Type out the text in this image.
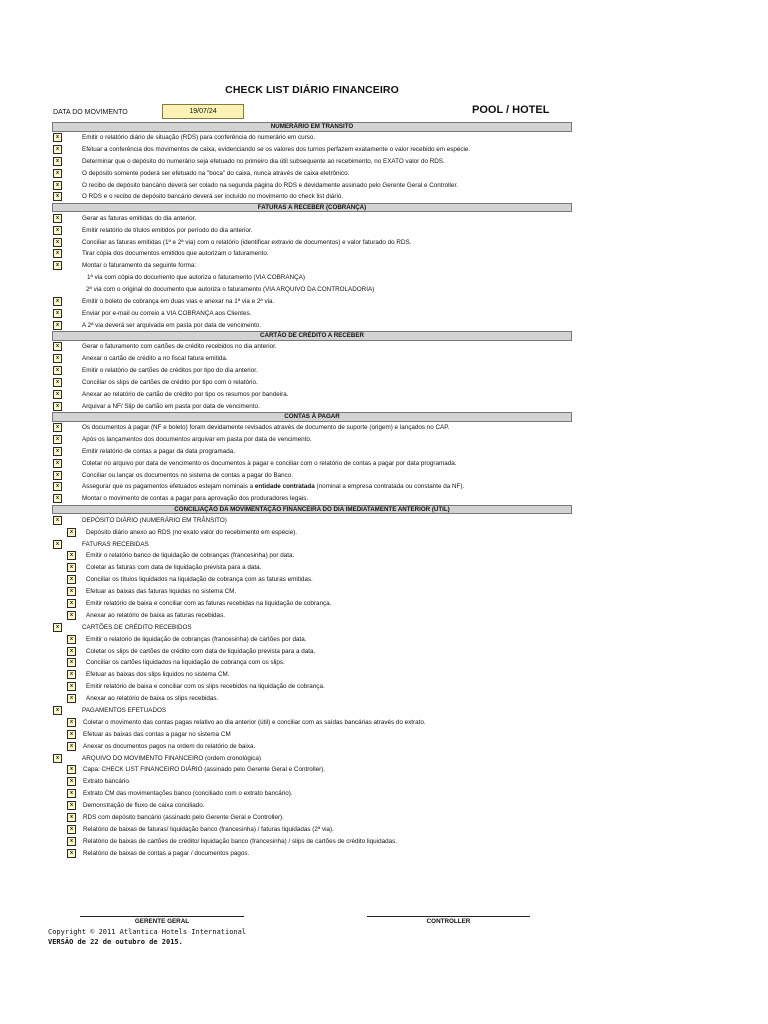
CHECK LIST DIÁRIO FINANCEIRO
DATA DO MOVIMENTO	19/07/24	POOL / HOTEL
NUMERÁRIO EM TRANSITO
x	Emitir o relatório diário de situação (RDS) para conferência do numerário em curso.
x	Efetuar a conferência dos movimentos de caixa, evidenciando se os valores dos turnos perfazem exatamente o valor recebido em espécie.
x	Determinar que o depósito do numerário seja efetuado no primeiro dia útil subsequente ao recebimento, no EXATO valor do RDS.
x	O depósito somente poderá ser efetuado na "boca" do caixa, nunca através de caixa eletrônico.
x	O recibo de depósito bancário deverá ser colado na segunda página do RDS e devidamente assinado pelo Gerente Geral e Controller.
x	O RDS e o recibo de depósito bancário deverá ser incluído no movimento do check list diário.
FATURAS A RECEBER (COBRANÇA)
x	Gerar as faturas emitidas do dia anterior.
x	Emitir relatório de títulos emitidos por período do dia anterior.
x	Conciliar as faturas emitidas (1ª e 2ª via) com o relatório (identificar extravio de documentos) e valor faturado do RDS.
x	Tirar cópia dos documentos emitidos que autorizam o faturamento.
x	Montar o faturamento da seguinte forma:
1ª via com cópia do documento que autoriza o faturamento (VIA COBRANÇA)
2ª via com o original do documento que autoriza o faturamento (VIA ARQUIVO DA CONTROLADORIA)
x	Emitir o boleto de cobrança em duas vias e anexar na 1ª via e 2ª via.
x	Enviar por e-mail ou correio a VIA COBRANÇA aos Clientes.
x	A 2ª via deverá ser arquivada em pasta por data de vencimento.
CARTÃO DE CRÉDITO A RECEBER
x	Gerar o faturamento com cartões de crédito recebidos no dia anterior.
x	Anexar o cartão de crédito a no fiscal fatura emitida.
x	Emitir o relatório de cartões de créditos por tipo do dia anterior.
x	Conciliar os slips de cartões de crédito por tipo com o relatório.
x	Anexar ao relatório de cartão de crédito por tipo os resumos por bandeira.
x	Arquivar a NF/ Slip de cartão em pasta por data de vencimento.
CONTAS À PAGAR
x	Os documentos à pagar (NF e boleto) foram devidamente revisados através de documento de suporte (origem) e lançados no CAP.
x	Após os lançamentos dos documentos arquivar em pasta por data de vencimento.
x	Emitir relatório de contas a pagar da data programada.
x	Coletar no arquivo por data de vencimento os documentos à pagar e conciliar com o relatório de contas a pagar por data programada.
x	Conciliar ou lançar os documentos no sistema de contas a pagar do Banco.
x	Assegurar que os pagamentos efetuados estejam nominais a entidade contratada (nominal a empresa contratada ou constante da NF).
x	Montar o movimento de contas a pagar para aprovação dos produradores legais.
CONCILIAÇÃO DA MOVIMENTAÇÃO FINANCEIRA DO DIA IMEDIATAMENTE ANTERIOR (ÚTIL)
x	DEPÓSITO DIÁRIO (NUMERÁRIO EM TRÂNSITO)
x	Depósito diário anexo ao RDS (no exato valor do recebimento em espécie).
x	FATURAS RECEBIDAS
x	Emitir o relatório banco de liquidação de cobranças (francesinha) por data.
x	Coletar as faturas com data de liquidação prevista para a data.
x	Conciliar os títulos liquidados na liquidação de cobrança com as faturas emitidas.
x	Efetuar as baixas das faturas liquidas no sistema CM.
x	Emitir relatório de baixa e conciliar com as faturas recebidas na liquidação de cobrança.
x	Anexar ao relatório de baixa as faturas recebidas.
x	CARTÕES DE CRÉDITO RECEBIDOS
x	Emitir o relatório de liquidação de cobranças (francesinha) de cartões por data.
x	Coletar os slips de cartões de crédito com data de liquidação prevista para a data.
x	Conciliar os cartões liquidados na liquidação de cobrança com os slips.
x	Efetuar as baixas dos slips liquidos no sistema CM.
x	Emitir relatório de baixa e conciliar com os slips recebidos na liquidação de cobrança.
x	Anexar ao relatório de baixa os slips recebidas.
x	PAGAMENTOS EFETUADOS
x	Coletar o movimento das contas pagas relativo ao dia anterior (útil) e conciliar com as saídas bancárias através do extrato.
x	Efetuar as baixas das contas a pagar no sistema CM
x	Anexar os documentos pagos na ordem do relatório de baixa.
x	ARQUIVO DO MOVIMENTO FINANCEIRO (ordem cronológica)
x	Capa: CHECK LIST FINANCEIRO DIÁRIO (assinado pelo Gerente Geral e Controller).
x	Extrato bancário.
x	Extrato CM das movimentações banco (conciliado com o extrato bancário).
x	Demonstração de fluxo de caixa conciliado.
x	RDS com depósito bancário (assinado pelo Gerente Geral e Controller).
x	Relatório de baixas de faturas/ liquidação banco (francesinha) / faturas liquidadas (2ª via).
x	Relatório de baixas de cartões de crédito/ liquidação banco (francesinha) / slips de cartões de crédito liquidadas.
x	Relatório de baixas de contas a pagar / documentos pagos.
GERENTE GERAL	CONTROLLER
Copyright © 2011 Atlantica Hotels International
VERSÃO de 22 de outubro de 2015.
